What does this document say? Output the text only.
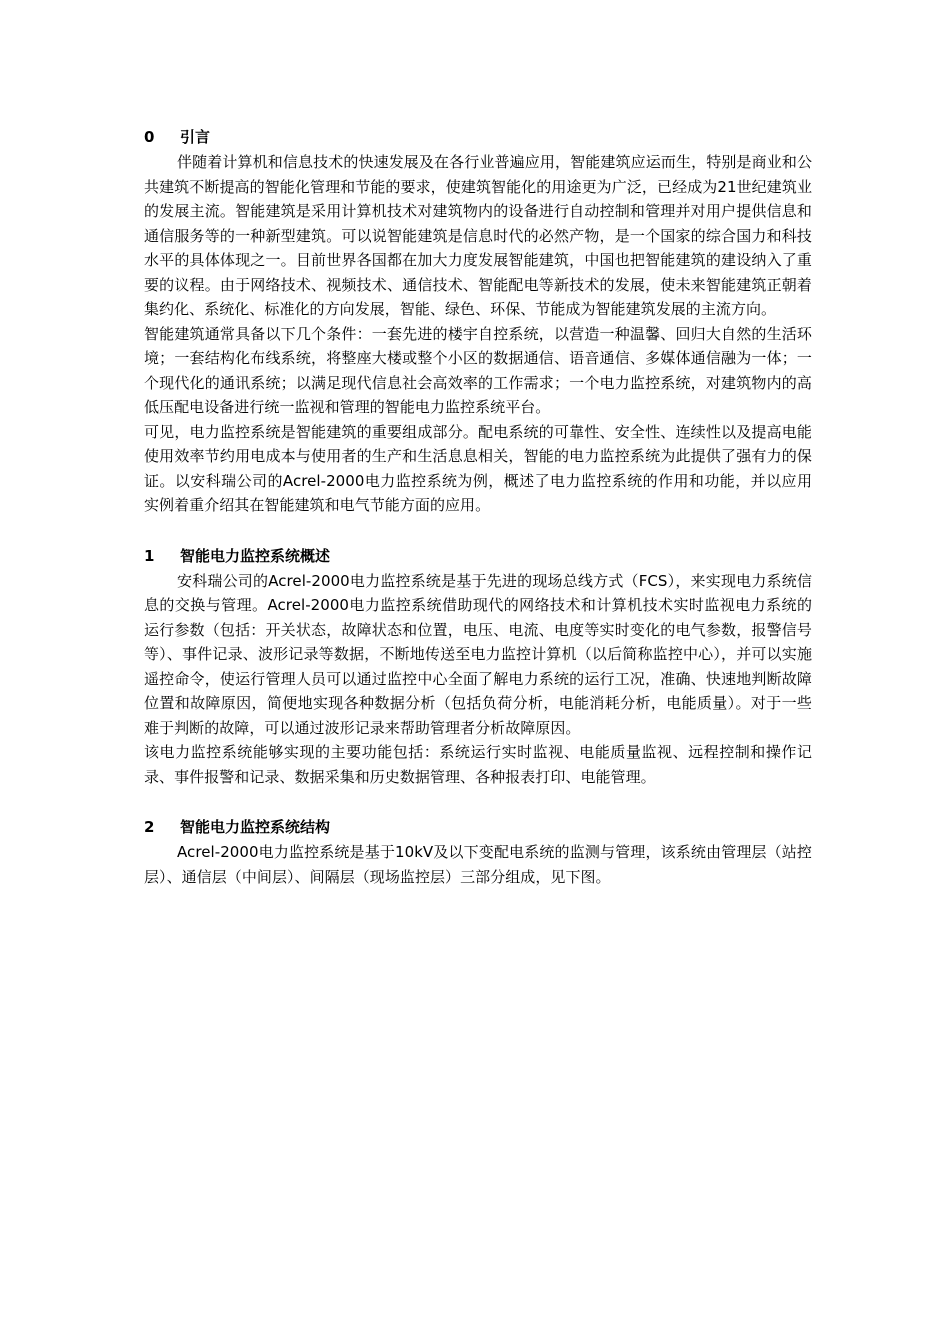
0 引言

伴随着计算机和信息技术的快速发展及在各行业普遍应用，智能建筑应运而生，特别是商业和公共建筑不断提高的智能化管理和节能的要求，使建筑智能化的用途更为广泛，已经成为21世纪建筑业的发展主流。智能建筑是采用计算机技术对建筑物内的设备进行自动控制和管理并对用户提供信息和通信服务等的一种新型建筑。可以说智能建筑是信息时代的必然产物，是一个国家的综合国力和科技水平的具体体现之一。目前世界各国都在加大力度发展智能建筑，中国也把智能建筑的建设纳入了重要的议程。由于网络技术、视频技术、通信技术、智能配电等新技术的发展，使未来智能建筑正朝着集约化、系统化、标准化的方向发展，智能、绿色、环保、节能成为智能建筑发展的主流方向。

智能建筑通常具备以下几个条件：一套先进的楼宇自控系统，以营造一种温馨、回归大自然的生活环境；一套结构化布线系统，将整座大楼或整个小区的数据通信、语音通信、多媒体通信融为一体；一个现代化的通讯系统；以满足现代信息社会高效率的工作需求；一个电力监控系统，对建筑物内的高低压配电设备进行统一监视和管理的智能电力监控系统平台。

可见，电力监控系统是智能建筑的重要组成部分。配电系统的可靠性、安全性、连续性以及提高电能使用效率节约用电成本与使用者的生产和生活息息相关，智能的电力监控系统为此提供了强有力的保证。以安科瑞公司的Acrel-2000电力监控系统为例，概述了电力监控系统的作用和功能，并以应用实例着重介绍其在智能建筑和电气节能方面的应用。

1 智能电力监控系统概述

安科瑞公司的Acrel-2000电力监控系统是基于先进的现场总线方式（FCS），来实现电力系统信息的交换与管理。Acrel-2000电力监控系统借助现代的网络技术和计算机技术实时监视电力系统的运行参数（包括：开关状态，故障状态和位置，电压、电流、电度等实时变化的电气参数，报警信号等）、事件记录、波形记录等数据，不断地传送至电力监控计算机（以后简称监控中心），并可以实施遥控命令，使运行管理人员可以通过监控中心全面了解电力系统的运行工况，准确、快速地判断故障位置和故障原因，简便地实现各种数据分析（包括负荷分析，电能消耗分析，电能质量）。对于一些难于判断的故障，可以通过波形记录来帮助管理者分析故障原因。

该电力监控系统能够实现的主要功能包括：系统运行实时监视、电能质量监视、远程控制和操作记录、事件报警和记录、数据采集和历史数据管理、各种报表打印、电能管理。

2 智能电力监控系统结构

Acrel-2000电力监控系统是基于10kV及以下变配电系统的监测与管理，该系统由管理层（站控层）、通信层（中间层）、间隔层（现场监控层）三部分组成，见下图。
